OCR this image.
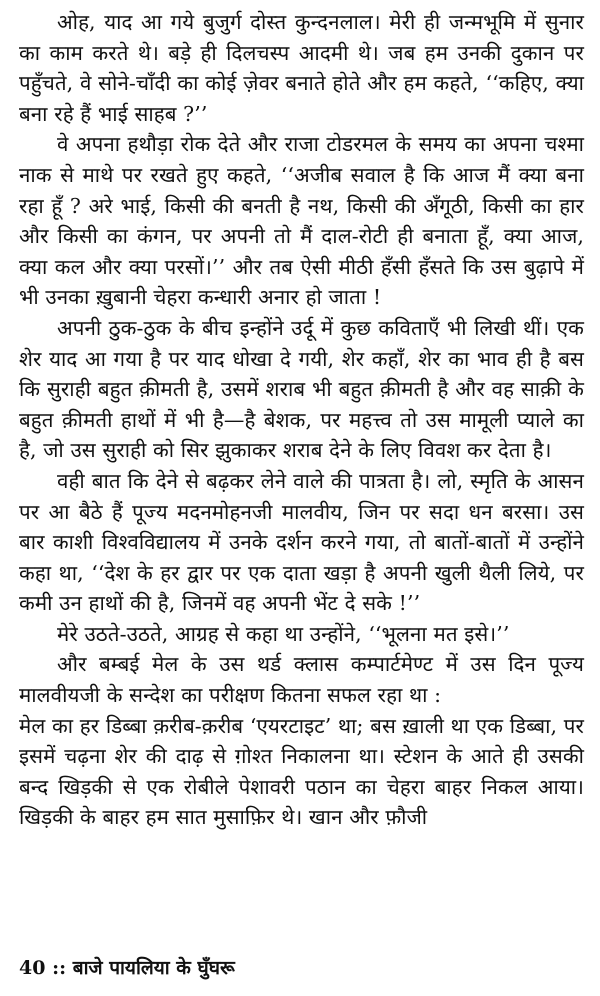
ओह, याद आ गये बुजुर्ग दोस्त कुन्दनलाल। मेरी ही जन्मभूमि में सुनार का काम करते थे। बड़े ही दिलचस्प आदमी थे। जब हम उनकी दुकान पर पहुँचते, वे सोने-चाँदी का कोई ज़ेवर बनाते होते और हम कहते, ‘‘कहिए, क्या बना रहे हैं भाई साहब ?’’

वे अपना हथौड़ा रोक देते और राजा टोडरमल के समय का अपना चश्मा नाक से माथे पर रखते हुए कहते, ‘‘अजीब सवाल है कि आज मैं क्या बना रहा हूँ ? अरे भाई, किसी की बनती है नथ, किसी की अँगूठी, किसी का हार और किसी का कंगन, पर अपनी तो मैं दाल-रोटी ही बनाता हूँ, क्या आज, क्या कल और क्या परसों।’’ और तब ऐसी मीठी हँसी हँसते कि उस बुढ़ापे में भी उनका ख़ुबानी चेहरा कन्धारी अनार हो जाता !

अपनी ठुक-ठुक के बीच इन्होंने उर्दू में कुछ कविताएँ भी लिखी थीं। एक शेर याद आ गया है पर याद धोखा दे गयी, शेर कहाँ, शेर का भाव ही है बस कि सुराही बहुत क़ीमती है, उसमें शराब भी बहुत क़ीमती है और वह साक़ी के बहुत क़ीमती हाथों में भी है—है बेशक, पर महत्त्व तो उस मामूली प्याले का है, जो उस सुराही को सिर झुकाकर शराब देने के लिए विवश कर देता है।

वही बात कि देने से बढ़कर लेने वाले की पात्रता है। लो, स्मृति के आसन पर आ बैठे हैं पूज्य मदनमोहनजी मालवीय, जिन पर सदा धन बरसा। उस बार काशी विश्वविद्यालय में उनके दर्शन करने गया, तो बातों-बातों में उन्होंने कहा था, ‘‘देश के हर द्वार पर एक दाता खड़ा है अपनी खुली थैली लिये, पर कमी उन हाथों की है, जिनमें वह अपनी भेंट दे सके !’’

मेरे उठते-उठते, आग्रह से कहा था उन्होंने, ‘‘भूलना मत इसे।’’

और बम्बई मेल के उस थर्ड क्लास कम्पार्टमेण्ट में उस दिन पूज्य मालवीयजी के सन्देश का परीक्षण कितना सफल रहा था :

मेल का हर डिब्बा क़रीब-क़रीब ‘एयरटाइट’ था; बस ख़ाली था एक डिब्बा, पर इसमें चढ़ना शेर की दाढ़ से ग़ोश्त निकालना था। स्टेशन के आते ही उसकी बन्द खिड़की से एक रोबीले पेशावरी पठान का चेहरा बाहर निकल आया। खिड़की के बाहर हम सात मुसाफ़िर थे। खान और फ़ौजी

40 :: बाजे पायलिया के घुँघरू
